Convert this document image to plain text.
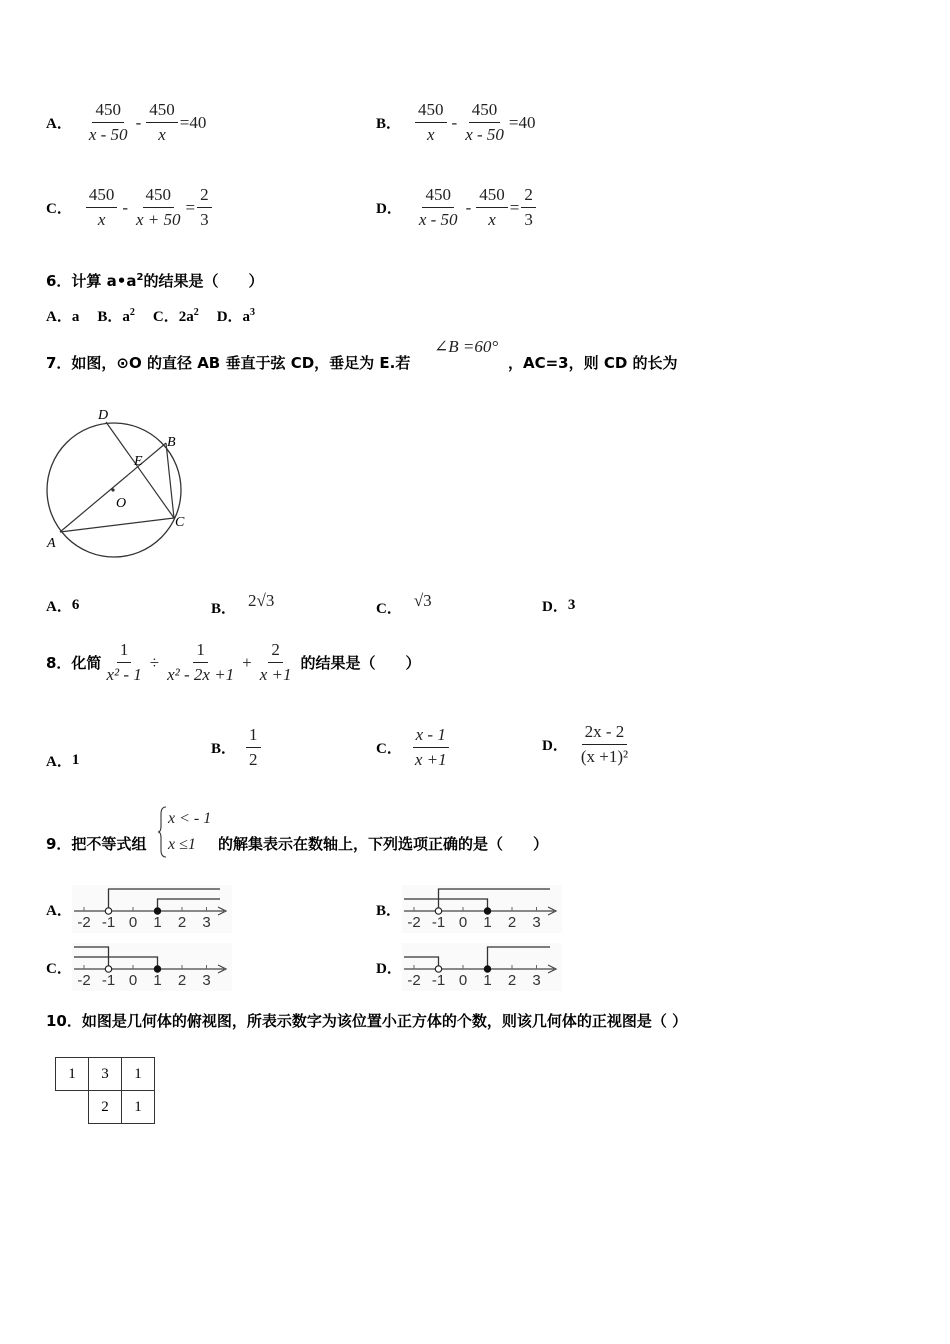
A． $\frac{450}{x - 50} - \frac{450}{x} =40$	B． $\frac{450}{x} - \frac{450}{x - 50} =40$
C． $\frac{450}{x} - \frac{450}{x + 50} = \frac{2}{3}$	D． $\frac{450}{x - 50} - \frac{450}{x} = \frac{2}{3}$
6．计算 $a•a^2$的结果是（　　）
A．a B．$a^2$ C．$2a^2$ D．$a^3$
7．如图，⊙O 的直径 AB 垂直于弦 CD，垂足为 E.若
∠B =60°
，AC=3，则 CD 的长为
D
B
E
O
C
A
A． 6	B． 2√3	C． √3	D． 3
8．化简 $\frac{1}{\text{x² - 1}} \div \frac{1}{\text{x² - 2x +1}} + \frac{2}{x +1}$ 的结果是（　　）
A． 1
B． $\frac{1}{2}$	C． $\frac{x - 1}{x +1}$	D． $\frac{2x - 2}{\text{(x +1)²}}$
9．把不等式组
x < - 1
x ≤1 的解集表示在数轴上，下列选项正确的是（　　）
A．
-2 -1 0 1 2 3
B．
-2 -1 0 1 2 3
C．
-2 -1 0 1 2 3
D．
-2 -1 0 1 2 3
10．如图是几何体的俯视图，所表示数字为该位置小正方体的个数，则该几何体的正视图是（ ）
1	3	1
	2	1
